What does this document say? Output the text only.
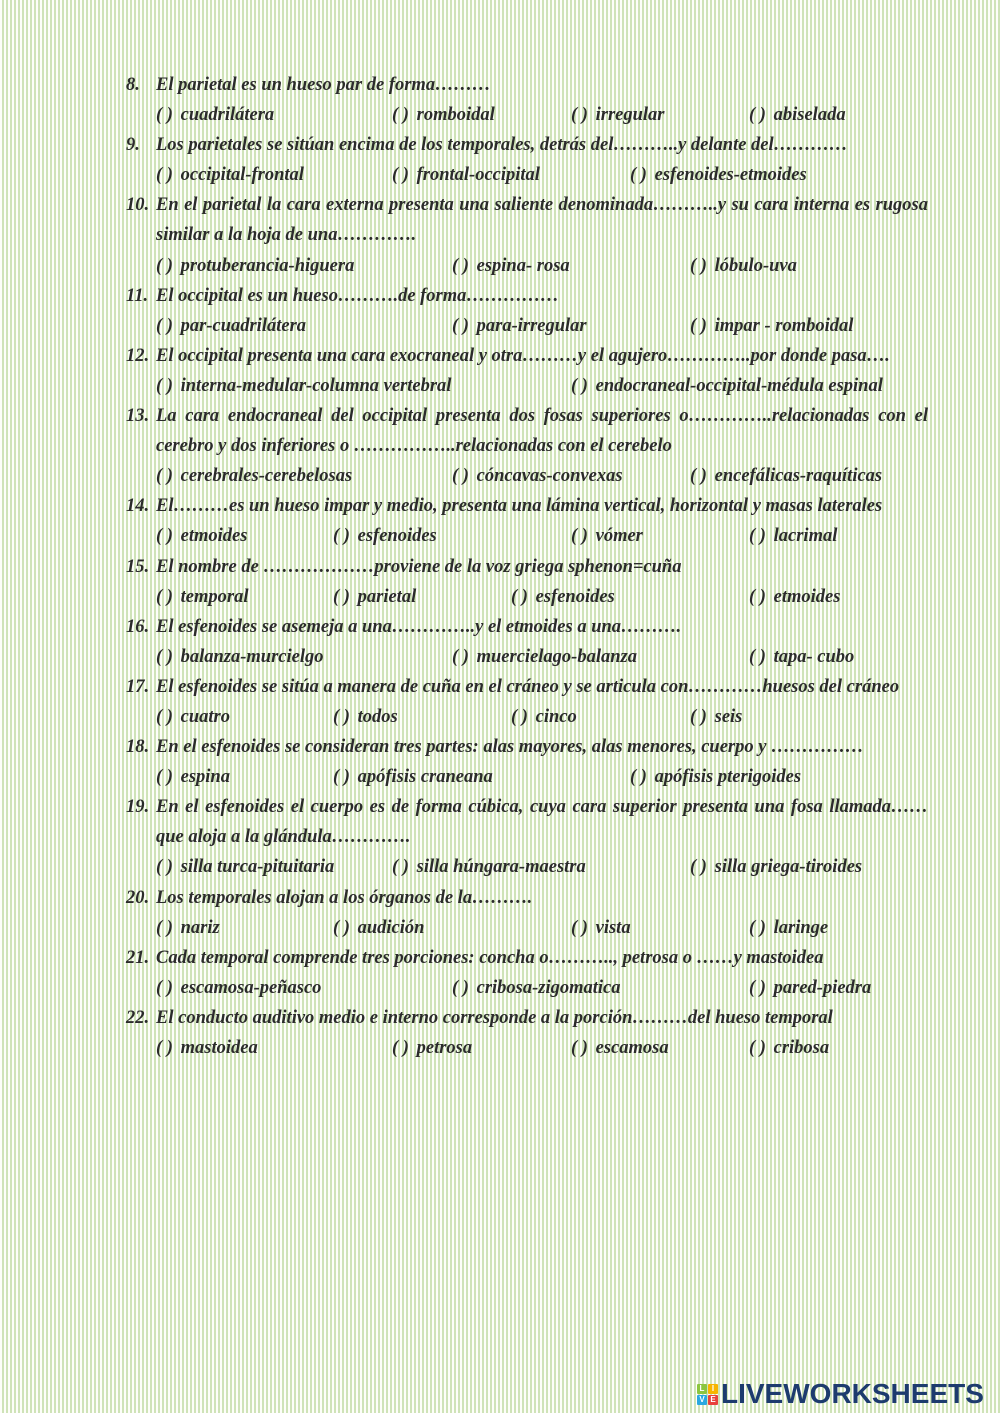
8. El parietal es un hueso par de forma………
( ) cuadrilátera	( ) romboidal	( ) irregular	( ) abiselada
9. Los parietales se sitúan encima de los temporales, detrás del………..y delante del…………
( ) occipital-frontal	( ) frontal-occipital	( ) esfenoides-etmoides
10. En el parietal la cara externa presenta una saliente denominada………..y su cara interna es rugosa similar a la hoja de una………….
( ) protuberancia-higuera	( ) espina- rosa	( ) lóbulo-uva
11. El occipital es un hueso……….de forma……………
( ) par-cuadrilátera	( ) para-irregular	( ) impar - romboidal
12. El occipital presenta una cara exocraneal y otra………y el agujero…………..por donde pasa….
( ) interna-medular-columna vertebral	( ) endocraneal-occipital-médula espinal
13. La cara endocraneal del occipital presenta dos fosas superiores o…………..relacionadas con el cerebro y dos inferiores o ……………..relacionadas con el cerebelo
( ) cerebrales-cerebelosas	( ) cóncavas-convexas	( ) encefálicas-raquíticas
14. El………es un hueso impar y medio, presenta una lámina vertical, horizontal y masas laterales
( ) etmoides	( ) esfenoides	( ) vómer	( ) lacrimal
15. El nombre de ………………proviene de la voz griega sphenon=cuña
( ) temporal	( ) parietal	( ) esfenoides	( ) etmoides
16. El esfenoides se asemeja a una…………..y el etmoides a una……….
( ) balanza-murcielgo	( ) muercielago-balanza	( ) tapa- cubo
17. El esfenoides se sitúa a manera de cuña en el cráneo y se articula con…………huesos del cráneo
( ) cuatro	( ) todos	( ) cinco	( ) seis
18. En el esfenoides se consideran tres partes: alas mayores, alas menores, cuerpo y ……………
( ) espina	( ) apófisis craneana	( ) apófisis pterigoides
19. En el esfenoides el cuerpo es de forma cúbica, cuya cara superior presenta una fosa llamada…… que aloja a la glándula………….
( ) silla turca-pituitaria	( ) silla húngara-maestra	( ) silla griega-tiroides
20. Los temporales alojan a los órganos de la……….
( ) nariz	( ) audición	( ) vista	( ) laringe
21. Cada temporal comprende tres porciones: concha o……….., petrosa o ……y mastoidea
( ) escamosa-peñasco	( ) cribosa-zigomatica	( ) pared-piedra
22. El conducto auditivo medio e interno corresponde a la porción………del hueso temporal
( ) mastoidea	( ) petrosa	( ) escamosa	( ) cribosa
L I
V E LIVEWORKSHEETS
